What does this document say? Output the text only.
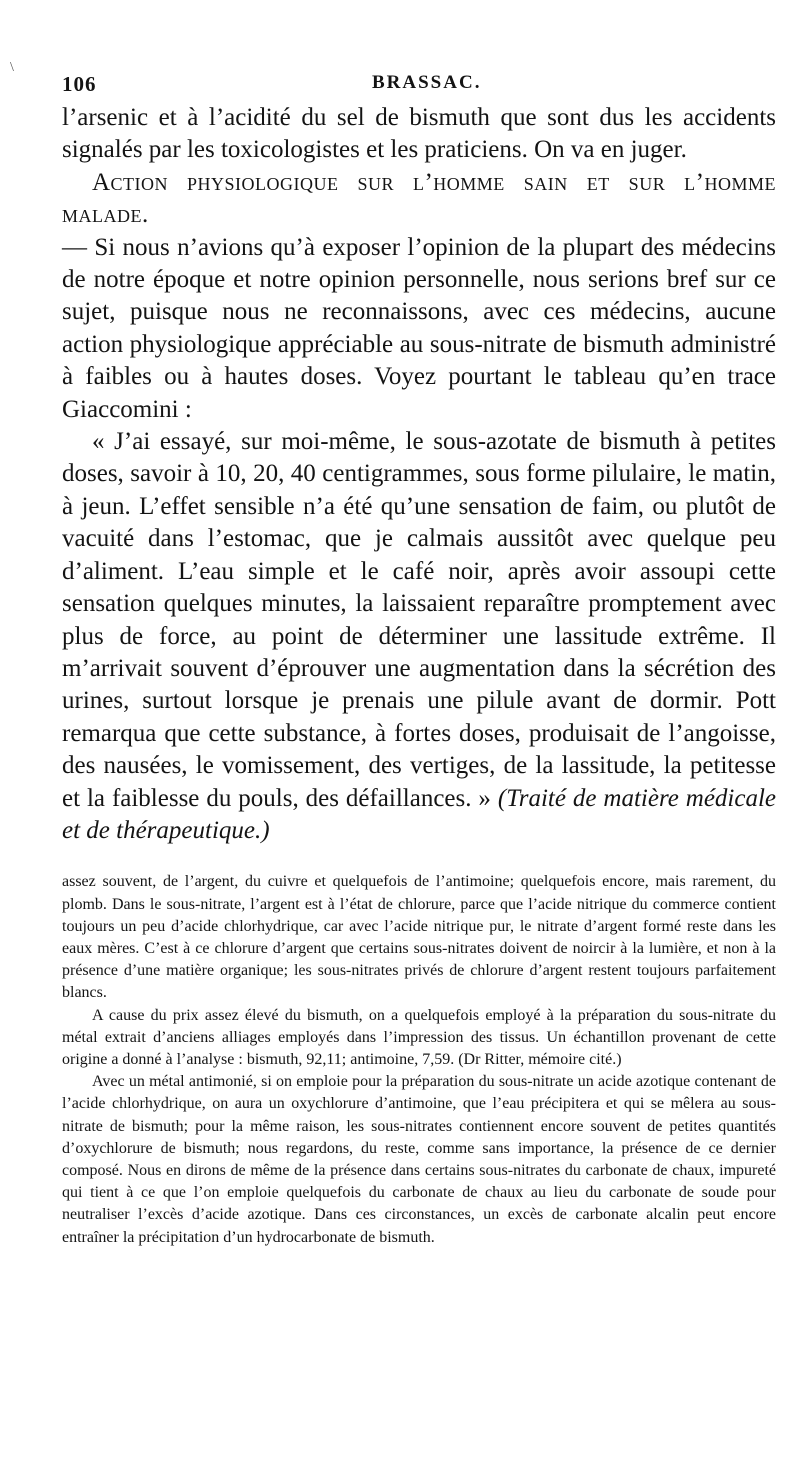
\
106	BRASSAC.

l’arsenic et à l’acidité du sel de bismuth que sont dus les accidents signalés par les toxicologistes et les praticiens. On va en juger.

Action physiologique sur l’homme sain et sur l’homme malade.
— Si nous n’avions qu’à exposer l’opinion de la plupart des médecins de notre époque et notre opinion personnelle, nous serions bref sur ce sujet, puisque nous ne reconnaissons, avec ces médecins, aucune action physiologique appréciable au sous-nitrate de bismuth administré à faibles ou à hautes doses. Voyez pourtant le tableau qu’en trace Giaccomini :

« J’ai essayé, sur moi-même, le sous-azotate de bismuth à petites doses, savoir à 10, 20, 40 centigrammes, sous forme pilulaire, le matin, à jeun. L’effet sensible n’a été qu’une sensation de faim, ou plutôt de vacuité dans l’estomac, que je calmais aussitôt avec quelque peu d’aliment. L’eau simple et le café noir, après avoir assoupi cette sensation quelques minutes, la laissaient reparaître promptement avec plus de force, au point de déterminer une lassitude extrême. Il m’arrivait souvent d’éprouver une augmentation dans la sécrétion des urines, surtout lorsque je prenais une pilule avant de dormir. Pott remarqua que cette substance, à fortes doses, produisait de l’angoisse, des nausées, le vomissement, des vertiges, de la lassitude, la petitesse et la faiblesse du pouls, des défaillances. » (Traité de matière médicale et de thérapeutique.)

assez souvent, de l’argent, du cuivre et quelquefois de l’antimoine; quelquefois encore, mais rarement, du plomb. Dans le sous-nitrate, l’argent est à l’état de chlorure, parce que l’acide nitrique du commerce contient toujours un peu d’acide chlorhydrique, car avec l’acide nitrique pur, le nitrate d’argent formé reste dans les eaux mères. C’est à ce chlorure d’argent que certains sous-nitrates doivent de noircir à la lumière, et non à la présence d’une matière organique; les sous-nitrates privés de chlorure d’argent restent toujours parfaitement blancs.

A cause du prix assez élevé du bismuth, on a quelquefois employé à la préparation du sous-nitrate du métal extrait d’anciens alliages employés dans l’impression des tissus. Un échantillon provenant de cette origine a donné à l’analyse : bismuth, 92,11; antimoine, 7,59. (Dr Ritter, mémoire cité.)

Avec un métal antimonié, si on emploie pour la préparation du sous-nitrate un acide azotique contenant de l’acide chlorhydrique, on aura un oxychlorure d’antimoine, que l’eau précipitera et qui se mêlera au sous-nitrate de bismuth; pour la même raison, les sous-nitrates contiennent encore souvent de petites quantités d’oxychlorure de bismuth; nous regardons, du reste, comme sans importance, la présence de ce dernier composé. Nous en dirons de même de la présence dans certains sous-nitrates du carbonate de chaux, impureté qui tient à ce que l’on emploie quelquefois du carbonate de chaux au lieu du carbonate de soude pour neutraliser l’excès d’acide azotique. Dans ces circonstances, un excès de carbonate alcalin peut encore entraîner la précipitation d’un hydrocarbonate de bismuth.
